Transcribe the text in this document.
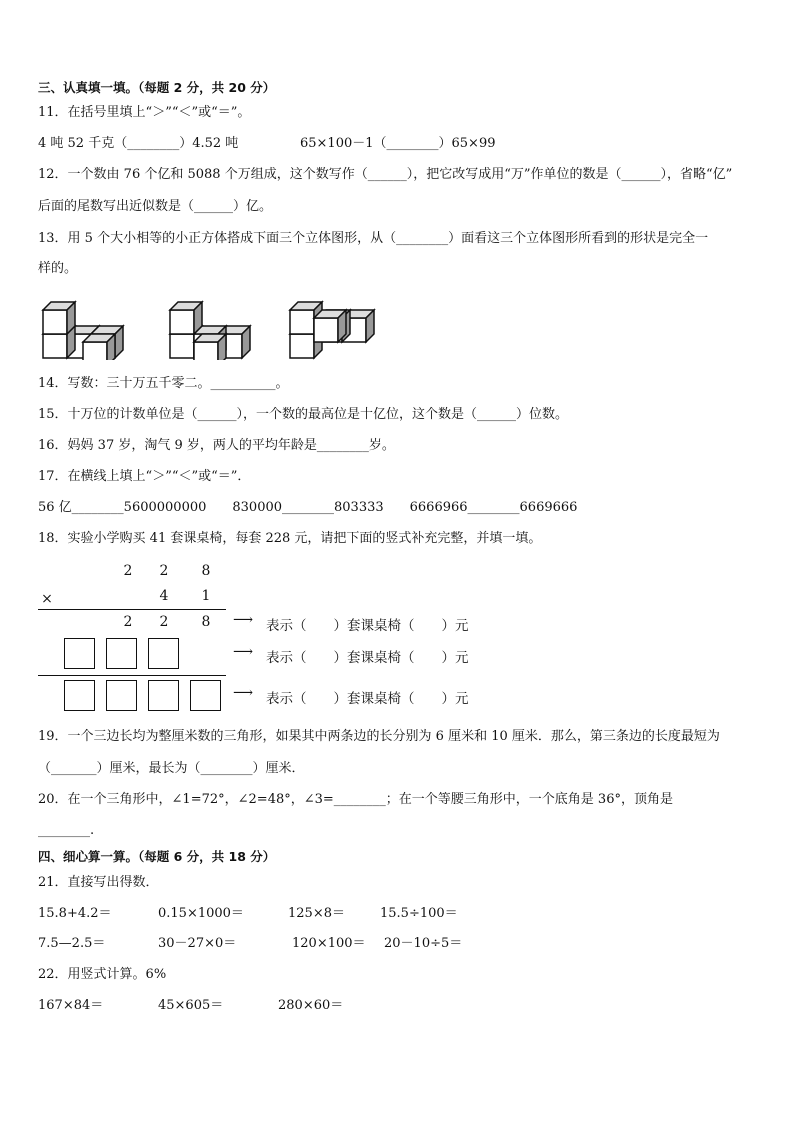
三、认真填一填。（每题 2 分，共 20 分）
11．在括号里填上“＞”“＜”或“＝”。
4 吨 52 千克（________）4.52 吨	65×100－1（________）65×99
12．一个数由 76 个亿和 5088 个万组成，这个数写作（______），把它改写成用“万”作单位的数是（______），省略“亿”
后面的尾数写出近似数是（______）亿。
13．用 5 个大小相等的小正方体搭成下面三个立体图形，从（________）面看这三个立体图形所看到的形状是完全一
样的。
14．写数：三十万五千零二。__________。
15．十万位的计数单位是（______），一个数的最高位是十亿位，这个数是（______）位数。
16．妈妈 37 岁，淘气 9 岁，两人的平均年龄是________岁。
17．在横线上填上“＞”“＜”或“＝”．
56 亿________5600000000　　830000________803333　　6666966________6669666
18．实验小学购买 41 套课桌椅，每套 228 元，请把下面的竖式补充完整，并填一填。
2 2 8
×	4 1
2 2 8 ⟶ 表示（　　）套课桌椅（　　）元
⟶ 表示（　　）套课桌椅（　　）元
⟶ 表示（　　）套课桌椅（　　）元
19．一个三边长均为整厘米数的三角形，如果其中两条边的长分别为 6 厘米和 10 厘米．那么，第三条边的长度最短为
（_______）厘米，最长为（________）厘米．
20．在一个三角形中，∠1=72°，∠2=48°，∠3=________；在一个等腰三角形中，一个底角是 36°，顶角是
________.
四、细心算一算。（每题 6 分，共 18 分）
21．直接写出得数．
15.8+4.2＝	0.15×1000＝	125×8＝	15.5÷100＝
7.5—2.5＝	30－27×0＝	120×100＝ 20－10÷5＝
22．用竖式计算。6%
167×84＝	45×605＝	280×60＝
